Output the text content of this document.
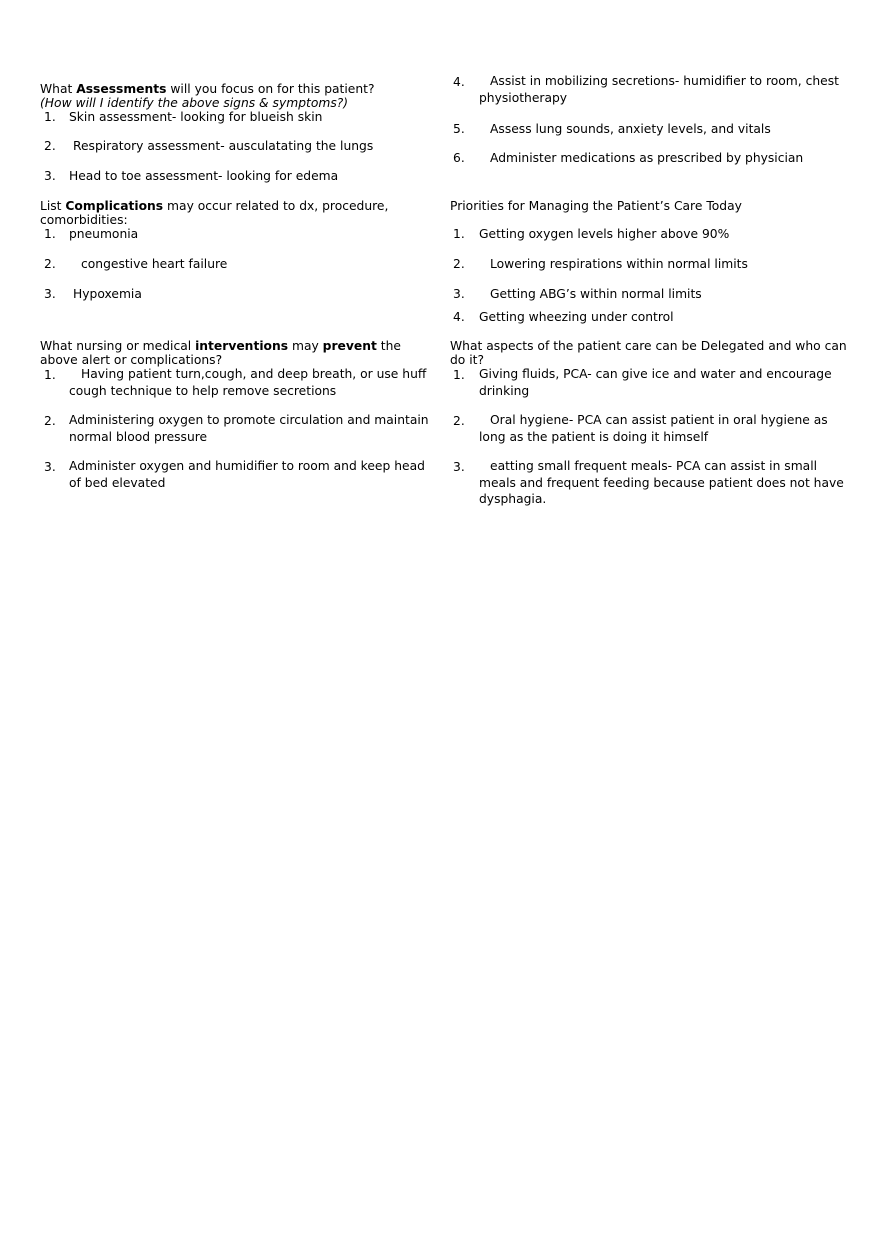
What Assessments will you focus on for this patient?
(How will I identify the above signs & symptoms?)
1. Skin assessment- looking for blueish skin
2. Respiratory assessment- ausculatating the lungs
3. Head to toe assessment- looking for edema
List Complications may occur related to dx, procedure,
comorbidities:
1. pneumonia
2. congestive heart failure
3. Hypoxemia
What nursing or medical interventions may prevent the
above alert or complications?
1.	Having patient turn,cough, and deep breath, or use huff cough technique to help remove secretions
2. Administering oxygen to promote circulation and maintain normal blood pressure
3. Administer oxygen and humidifier to room and keep head of bed elevated
4.	Assist in mobilizing secretions- humidifier to room, chest physiotherapy
5. Assess lung sounds, anxiety levels, and vitals
6. Administer medications as prescribed by physician
Priorities for Managing the Patient’s Care Today
1. Getting oxygen levels higher above 90%
2. Lowering respirations within normal limits
3. Getting ABG’s within normal limits
4. Getting wheezing under control
What aspects of the patient care can be Delegated and who can do it?
1. Giving fluids, PCA- can give ice and water and encourage drinking
2.	Oral hygiene- PCA can assist patient in oral hygiene as long as the patient is doing it himself
3.	eatting small frequent meals- PCA can assist in small meals and frequent feeding because patient does not have dysphagia.
